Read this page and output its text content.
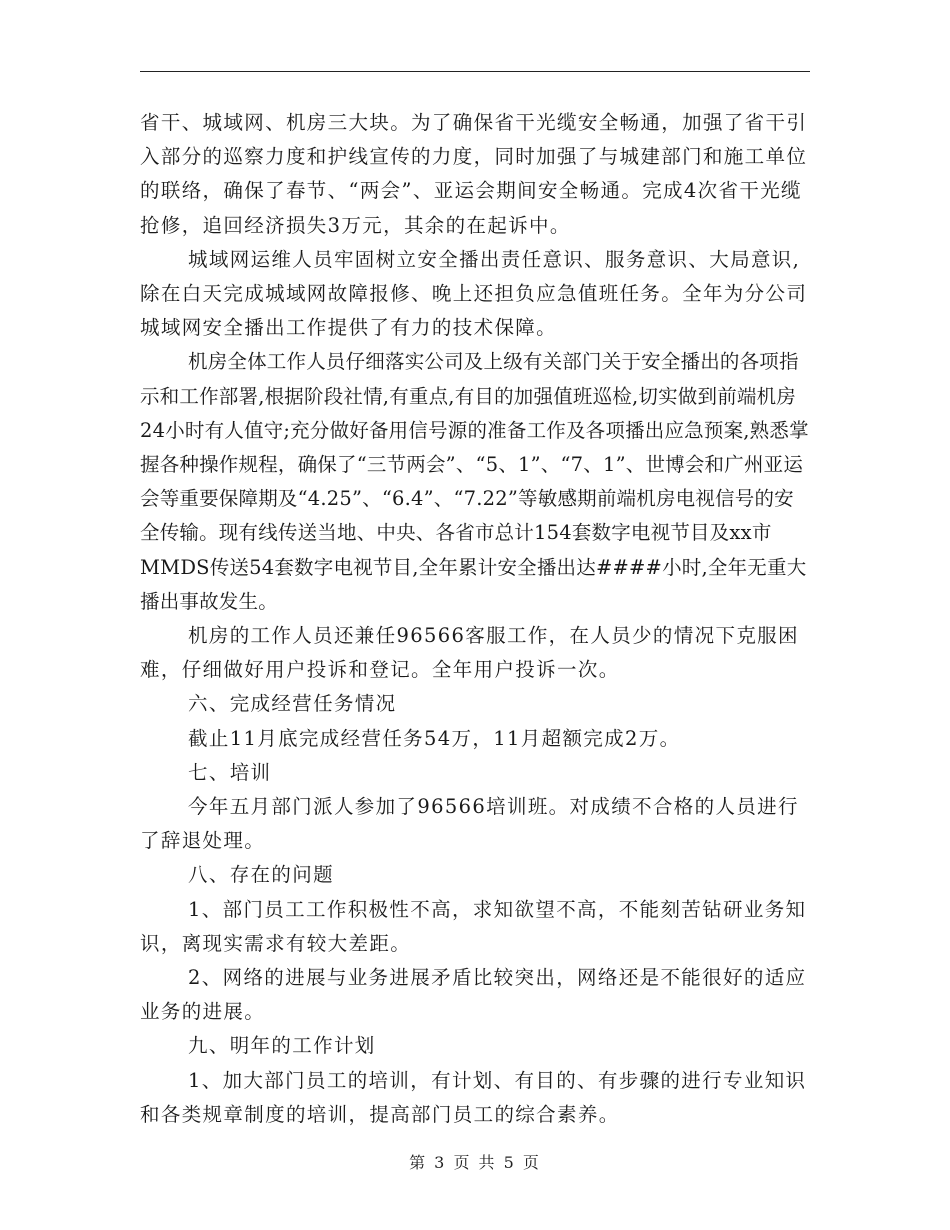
省干、城域网、机房三大块。为了确保省干光缆安全畅通，加强了省干引入部分的巡察力度和护线宣传的力度，同时加强了与城建部门和施工单位的联络，确保了春节、“两会”、亚运会期间安全畅通。完成4次省干光缆抢修，追回经济损失3万元，其余的在起诉中。

城域网运维人员牢固树立安全播出责任意识、服务意识、大局意识,除在白天完成城域网故障报修、晚上还担负应急值班任务。全年为分公司城域网安全播出工作提供了有力的技术保障。

机房全体工作人员仔细落实公司及上级有关部门关于安全播出的各项指示和工作部署,根据阶段社情,有重点,有目的加强值班巡检,切实做到前端机房24小时有人值守;充分做好备用信号源的准备工作及各项播出应急预案,熟悉掌握各种操作规程，确保了“三节两会”、“5、1”、“7、1”、世博会和广州亚运会等重要保障期及“4.25”、“6.4”、“7.22”等敏感期前端机房电视信号的安全传输。现有线传送当地、中央、各省市总计154套数字电视节目及xx市MMDS传送54套数字电视节目,全年累计安全播出达####小时,全年无重大播出事故发生。

机房的工作人员还兼任96566客服工作，在人员少的情况下克服困难，仔细做好用户投诉和登记。全年用户投诉一次。

六、完成经营任务情况

截止11月底完成经营任务54万，11月超额完成2万。

七、培训

今年五月部门派人参加了96566培训班。对成绩不合格的人员进行了辞退处理。

八、存在的问题

1、部门员工工作积极性不高，求知欲望不高，不能刻苦钻研业务知识，离现实需求有较大差距。

2、网络的进展与业务进展矛盾比较突出，网络还是不能很好的适应业务的进展。

九、明年的工作计划

1、加大部门员工的培训，有计划、有目的、有步骤的进行专业知识和各类规章制度的培训，提高部门员工的综合素养。

第 3 页 共 5 页
